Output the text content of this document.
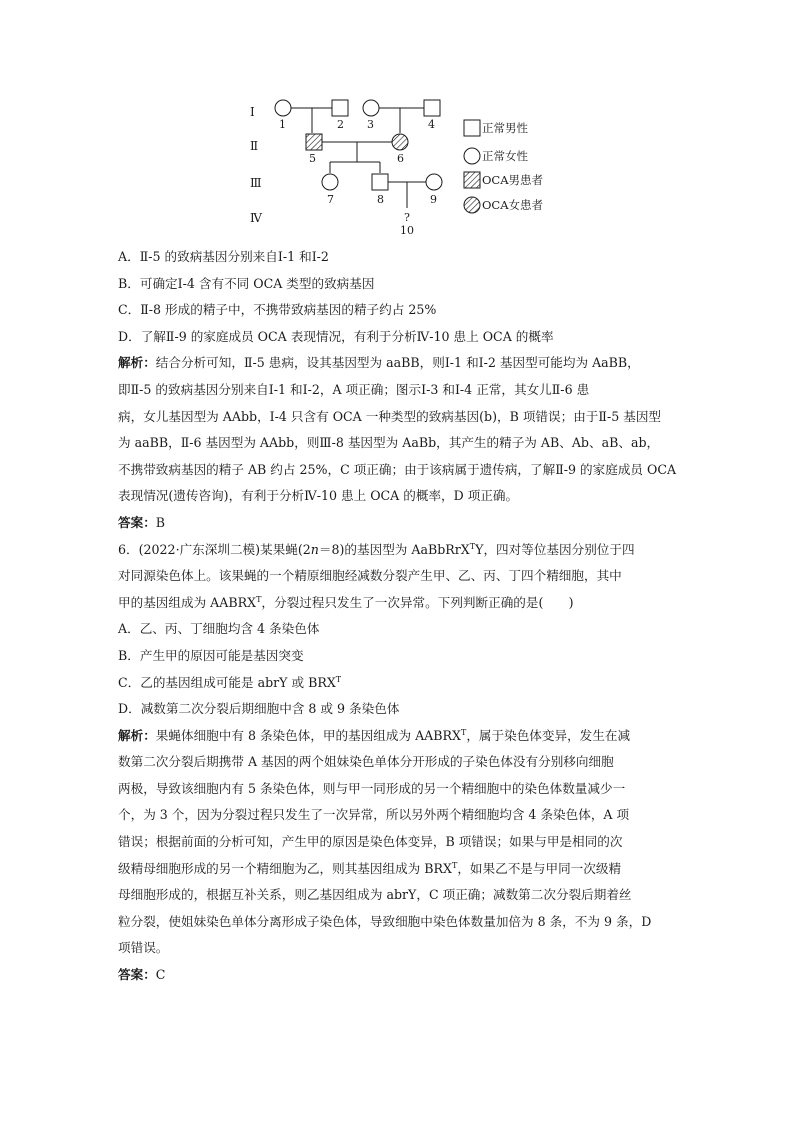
Ⅰ
Ⅱ
Ⅲ
Ⅳ
1	2 3	4
5	6
7	8	9
?
10
正常男性
正常女性
OCA男患者
OCA女患者
A．Ⅱ-5 的致病基因分别来自Ⅰ-1 和Ⅰ-2
B．可确定Ⅰ-4 含有不同 OCA 类型的致病基因
C．Ⅱ-8 形成的精子中，不携带致病基因的精子约占 25%
D．了解Ⅱ-9 的家庭成员 OCA 表现情况，有利于分析Ⅳ-10 患上 OCA 的概率
解析：结合分析可知，Ⅱ-5 患病，设其基因型为 aaBB，则Ⅰ-1 和Ⅰ-2 基因型可能均为 AaBB，
即Ⅱ-5 的致病基因分别来自Ⅰ-1 和Ⅰ-2，A 项正确；图示Ⅰ-3 和Ⅰ-4 正常，其女儿Ⅱ-6 患
病，女儿基因型为 AAbb，Ⅰ-4 只含有 OCA 一种类型的致病基因(b)，B 项错误；由于Ⅱ-5 基因型
为 aaBB，Ⅱ-6 基因型为 AAbb，则Ⅲ-8 基因型为 AaBb，其产生的精子为 AB、Ab、aB、ab，
不携带致病基因的精子 AB 约占 25%，C 项正确；由于该病属于遗传病，了解Ⅱ-9 的家庭成员 OCA
表现情况(遗传咨询)，有利于分析Ⅳ-10 患上 OCA 的概率，D 项正确。
答案：B
6．(2022·广东深圳二模)某果蝇(2n＝8)的基因型为 AaBbRrX$^T$Y，四对等位基因分别位于四
对同源染色体上。该果蝇的一个精原细胞经减数分裂产生甲、乙、丙、丁四个精细胞，其中
甲的基因组成为 $AABRX^T$，分裂过程只发生了一次异常。下列判断正确的是(　　)
A．乙、丙、丁细胞均含 4 条染色体
B．产生甲的原因可能是基因突变
C．乙的基因组成可能是 abrY 或 $BRX^T$
D．减数第二次分裂后期细胞中含 8 或 9 条染色体
解析：果蝇体细胞中有 8 条染色体，甲的基因组成为 $AABRX^T$，属于染色体变异，发生在减
数第二次分裂后期携带 A 基因的两个姐妹染色单体分开形成的子染色体没有分别移向细胞
两极，导致该细胞内有 5 条染色体，则与甲一同形成的另一个精细胞中的染色体数量减少一
个，为 3 个，因为分裂过程只发生了一次异常，所以另外两个精细胞均含 4 条染色体，A 项
错误；根据前面的分析可知，产生甲的原因是染色体变异，B 项错误；如果与甲是相同的次
级精母细胞形成的另一个精细胞为乙，则其基因组成为 $BRX^T$，如果乙不是与甲同一次级精
母细胞形成的，根据互补关系，则乙基因组成为 abrY，C 项正确；减数第二次分裂后期着丝
粒分裂，使姐妹染色单体分离形成子染色体，导致细胞中染色体数量加倍为 8 条，不为 9 条，D
项错误。
答案：C
